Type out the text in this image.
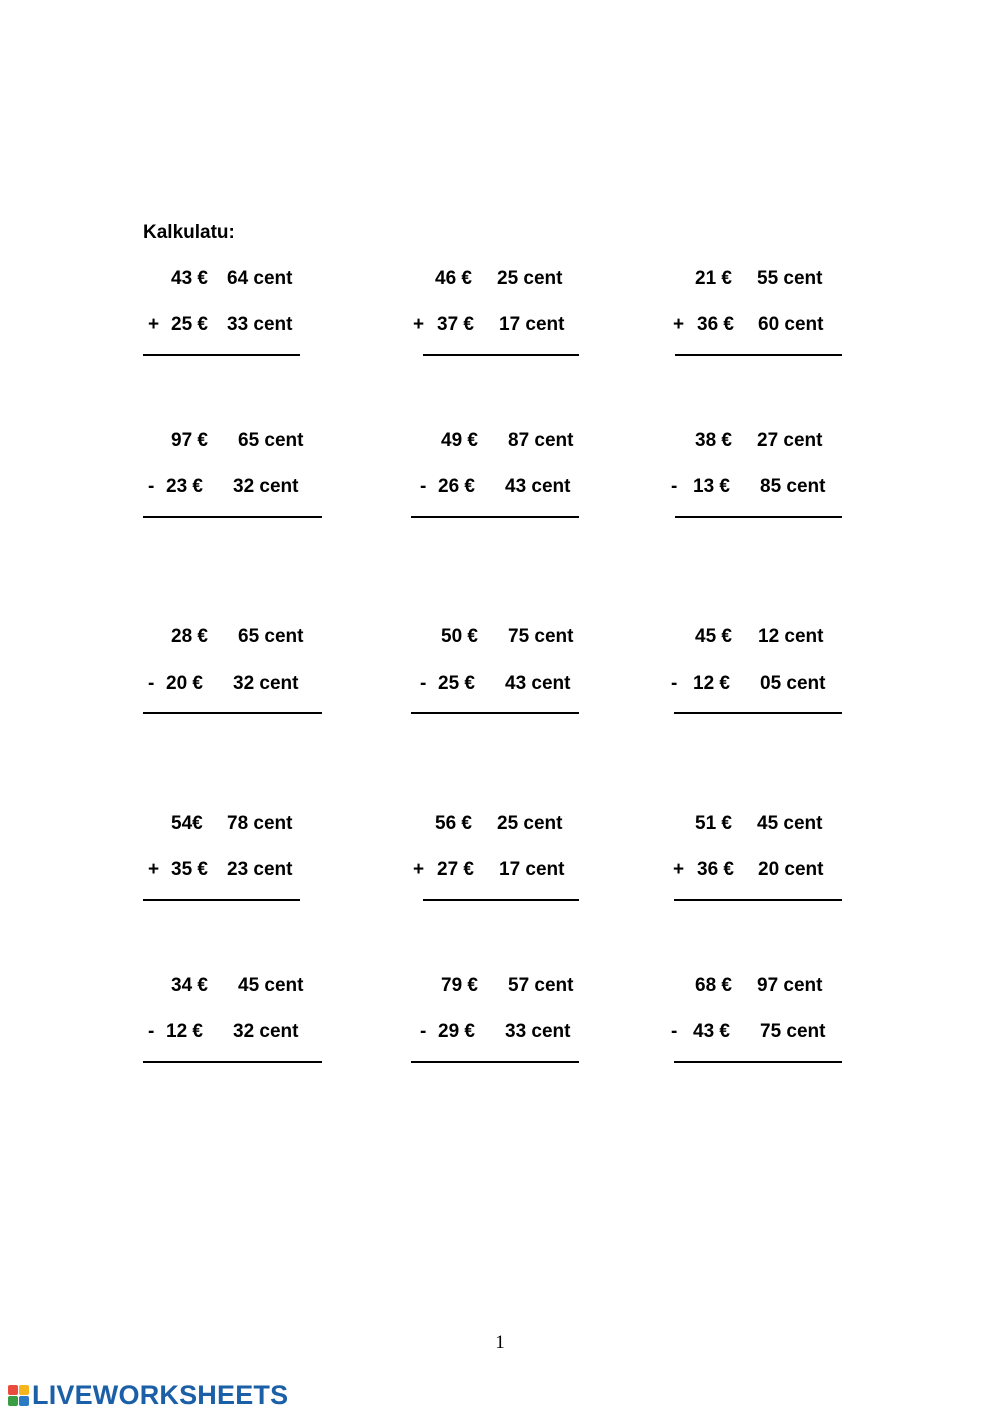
Kalkulatu:
43 € 64 cent
+ 25 € 33 cent
46 € 25 cent
+ 37 € 17 cent
21 € 55 cent
+ 36 € 60 cent
97 € 65 cent
- 23 € 32 cent
49 € 87 cent
- 26 € 43 cent
38 € 27 cent
- 13 € 85 cent
28 € 65 cent
- 20 € 32 cent
50 € 75 cent
- 25 € 43 cent
45 € 12 cent
- 12 € 05 cent
54€ 78 cent
+ 35 € 23 cent
56 € 25 cent
+ 27 € 17 cent
51 € 45 cent
+ 36 € 20 cent
34 € 45 cent
- 12 € 32 cent
79 € 57 cent
- 29 € 33 cent
68 € 97 cent
- 43 € 75 cent
1
LIVEWORKSHEETS
